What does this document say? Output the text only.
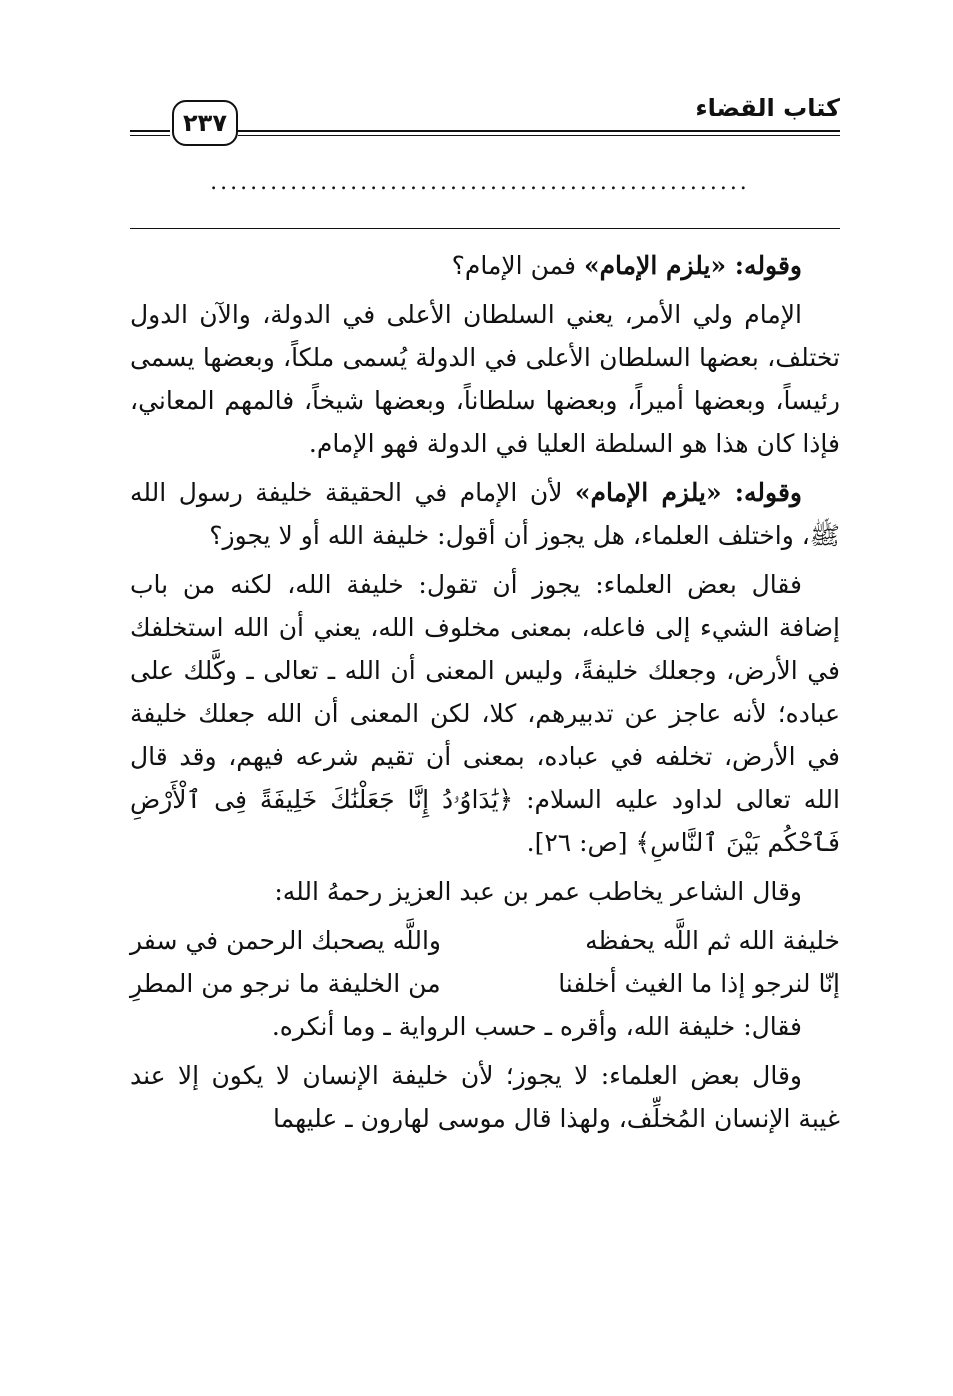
كتاب القضاء
٢٣٧
......................................................

وقوله: «يلزم الإمام» فمن الإمام؟

الإمام ولي الأمر، يعني السلطان الأعلى في الدولة، والآن الدول تختلف، بعضها السلطان الأعلى في الدولة يُسمى ملكاً، وبعضها يسمى رئيساً، وبعضها أميراً، وبعضها سلطاناً، وبعضها شيخاً، فالمهم المعاني، فإذا كان هذا هو السلطة العليا في الدولة فهو الإمام.

وقوله: «يلزم الإمام» لأن الإمام في الحقيقة خليفة رسول الله ﷺ، واختلف العلماء، هل يجوز أن أقول: خليفة الله أو لا يجوز؟

فقال بعض العلماء: يجوز أن تقول: خليفة الله، لكنه من باب إضافة الشيء إلى فاعله، بمعنى مخلوف الله، يعني أن الله استخلفك في الأرض، وجعلك خليفةً، وليس المعنى أن الله ـ تعالى ـ وكَّلك على عباده؛ لأنه عاجز عن تدبيرهم، كلا، لكن المعنى أن الله جعلك خليفة في الأرض، تخلفه في عباده، بمعنى أن تقيم شرعه فيهم، وقد قال الله تعالى لداود عليه السلام: ﴿يَٰدَاوُۥدُ إِنَّا جَعَلْنَٰكَ خَلِيفَةً فِى ٱلْأَرْضِ فَٱحْكُم بَيْنَ ٱلنَّاسِ﴾ [ص: ٢٦].

وقال الشاعر يخاطب عمر بن عبد العزيز رحمهُ الله:

خليفة الله ثم اللَّه يحفظه
واللَّه يصحبك الرحمن في سفر
إنّا لنرجو إذا ما الغيث أخلفنا
من الخليفة ما نرجو من المطرِ

فقال: خليفة الله، وأقره ـ حسب الرواية ـ وما أنكره.

وقال بعض العلماء: لا يجوز؛ لأن خليفة الإنسان لا يكون إلا عند غيبة الإنسان المُخلِّف، ولهذا قال موسى لهارون ـ عليهما
